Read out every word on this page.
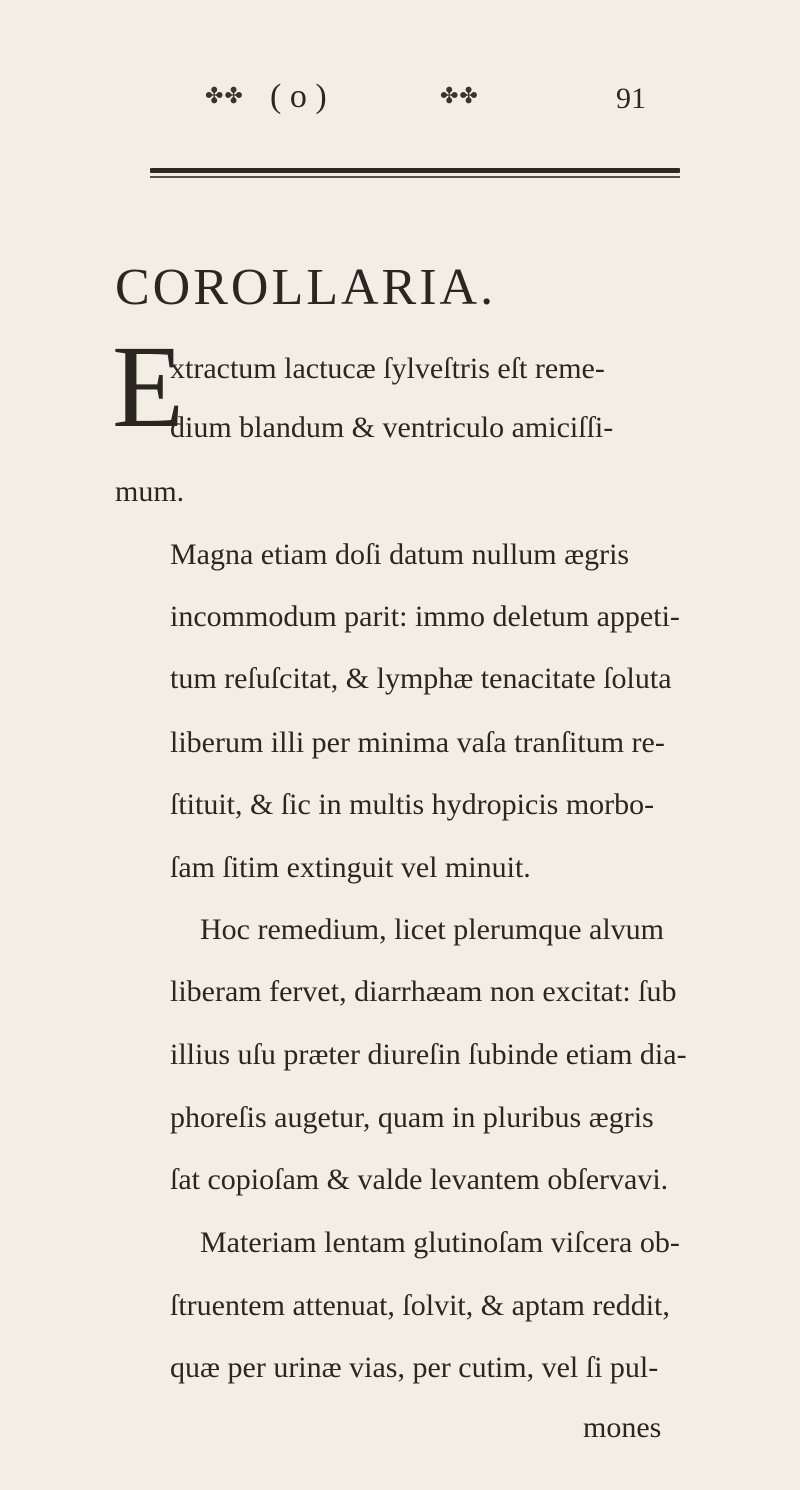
✤✤ ( o )	✤✤	91
COROLLARIA.
E
xtractum lactucæ ſylveſtris eſt reme-
dium blandum & ventriculo amiciſſi-
mum.
Magna etiam doſi datum nullum ægris
incommodum parit: immo deletum appeti-
tum reſuſcitat, & lymphæ tenacitate ſoluta
liberum illi per minima vaſa tranſitum re-
ſtituit, & ſic in multis hydropicis morbo-
ſam ſitim extinguit vel minuit.
Hoc remedium, licet plerumque alvum
liberam fervet, diarrhæam non excitat: ſub
illius uſu præter diureſin ſubinde etiam dia-
phoreſis augetur, quam in pluribus ægris
ſat copioſam & valde levantem obſervavi.
Materiam lentam glutinoſam viſcera ob-
ſtruentem attenuat, ſolvit, & aptam reddit,
quæ per urinæ vias, per cutim, vel ſi pul-
mones
